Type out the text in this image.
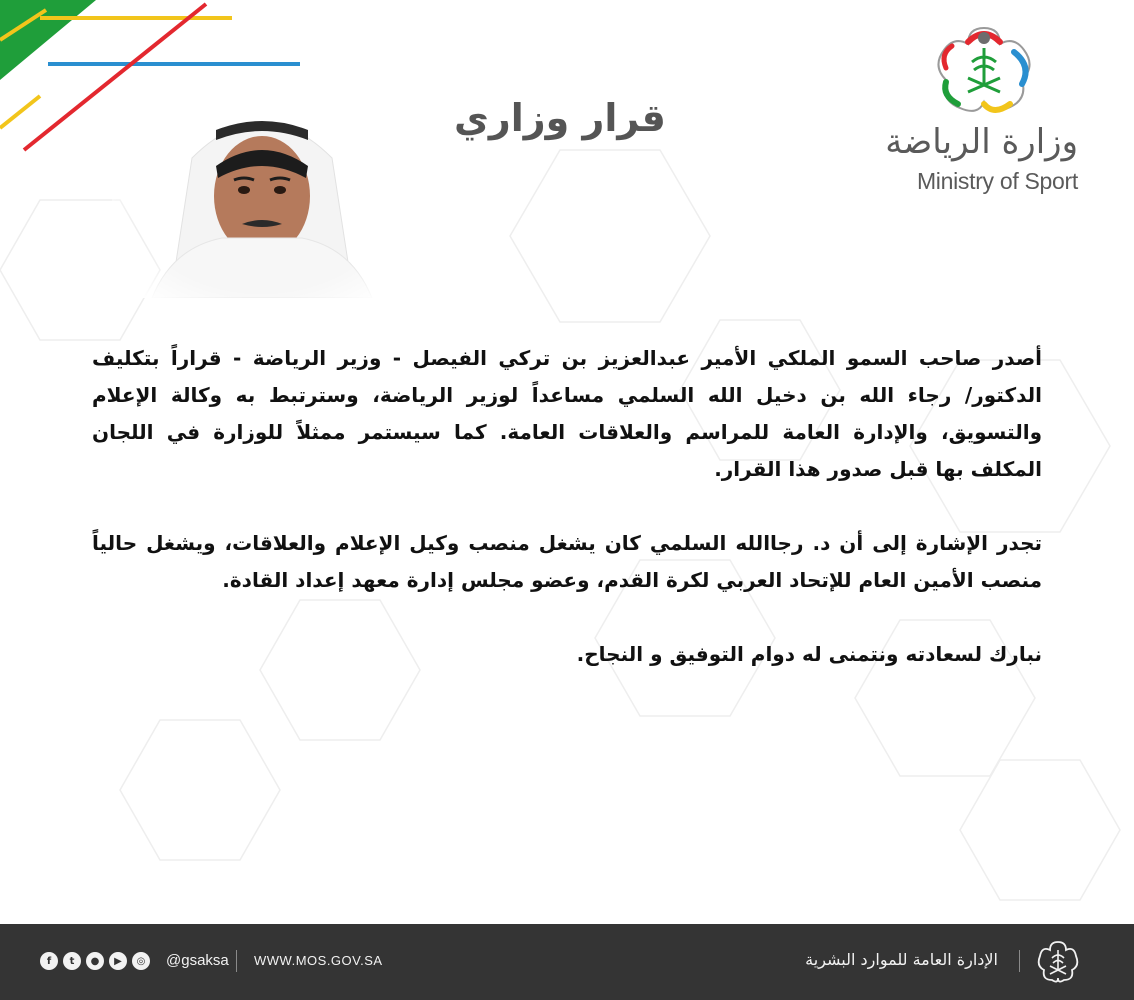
قرار وزاري
وزارة الرياضة
Ministry of Sport

أصدر صاحب السمو الملكي الأمير عبدالعزيز بن تركي الفيصل - وزير الرياضة - قراراً بتكليف الدكتور/ رجاء الله بن دخيل الله السلمي مساعداً لوزير الرياضة، وسترتبط به وكالة الإعلام والتسويق، والإدارة العامة للمراسم والعلاقات العامة. كما سيستمر ممثلاً للوزارة في اللجان المكلف بها قبل صدور هذا القرار.

تجدر الإشارة إلى أن د. رجاالله السلمي كان يشغل منصب وكيل الإعلام والعلاقات، ويشغل حالياً منصب الأمين العام للإتحاد العربي لكرة القدم، وعضو مجلس إدارة معهد إعداد القادة.

نبارك لسعادته ونتمنى له دوام التوفيق و النجاح.

f	t	●	▶	◎	@gsaksa WWW.MOS.GOV.SA	الإدارة العامة للموارد البشرية
